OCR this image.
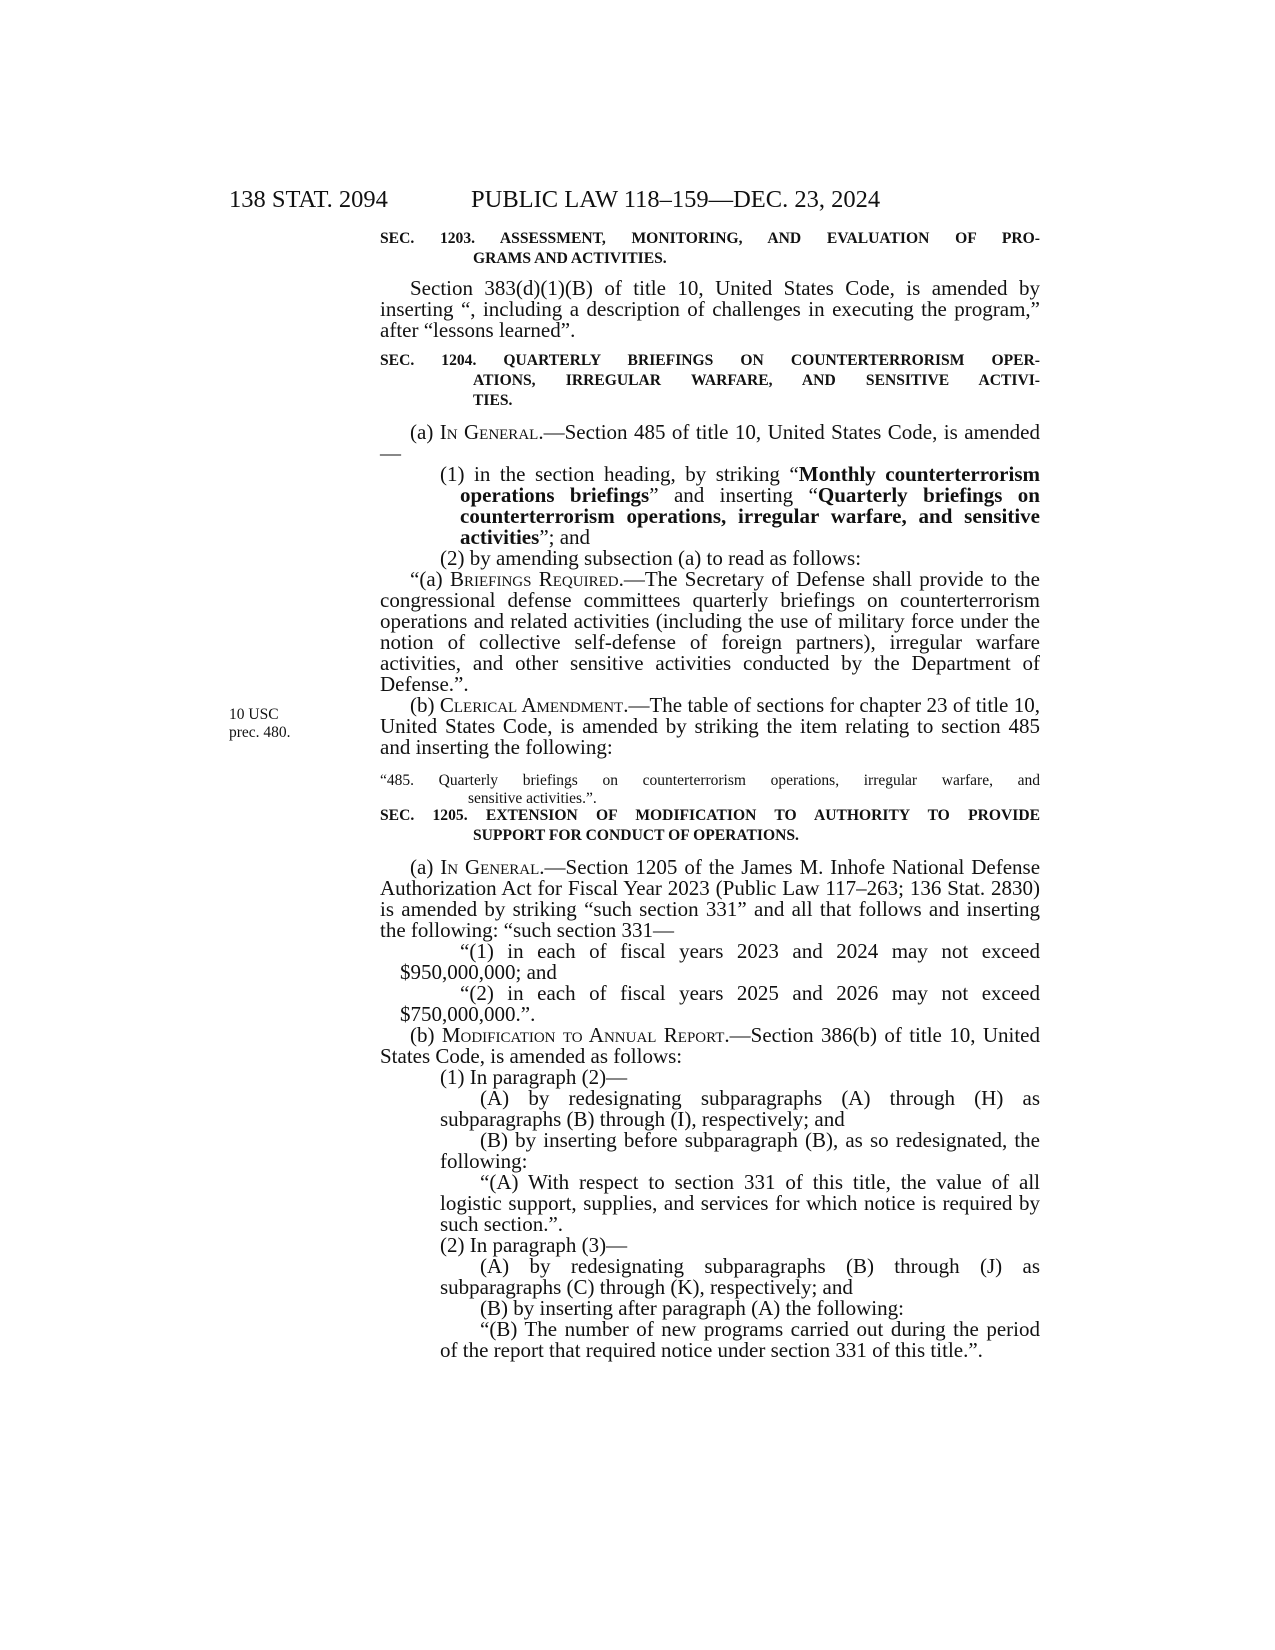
138 STAT. 2094	PUBLIC LAW 118–159—DEC. 23, 2024
10 USC
prec. 480.
SEC. 1203. ASSESSMENT, MONITORING, AND EVALUATION OF PRO-
GRAMS AND ACTIVITIES.
Section 383(d)(1)(B) of title 10, United States Code, is amended by inserting “, including a description of challenges in executing the program,” after “lessons learned”.
SEC. 1204. QUARTERLY BRIEFINGS ON COUNTERTERRORISM OPER-
ATIONS, IRREGULAR WARFARE, AND SENSITIVE ACTIVI-
TIES.
(a) In General.—Section 485 of title 10, United States Code, is amended—
(1) in the section heading, by striking “Monthly counterterrorism operations briefings” and inserting “Quarterly briefings on counterterrorism operations, irregular warfare, and sensitive activities”; and
(2) by amending subsection (a) to read as follows:
“(a) Briefings Required.—The Secretary of Defense shall provide to the congressional defense committees quarterly briefings on counterterrorism operations and related activities (including the use of military force under the notion of collective self-defense of foreign partners), irregular warfare activities, and other sensitive activities conducted by the Department of Defense.”.
(b) Clerical Amendment.—The table of sections for chapter 23 of title 10, United States Code, is amended by striking the item relating to section 485 and inserting the following:
“485. Quarterly briefings on counterterrorism operations, irregular warfare, and
sensitive activities.”.
SEC. 1205. EXTENSION OF MODIFICATION TO AUTHORITY TO PROVIDE
SUPPORT FOR CONDUCT OF OPERATIONS.
(a) In General.—Section 1205 of the James M. Inhofe National Defense Authorization Act for Fiscal Year 2023 (Public Law 117–263; 136 Stat. 2830) is amended by striking “such section 331” and all that follows and inserting the following: “such section 331—
“(1) in each of fiscal years 2023 and 2024 may not exceed $950,000,000; and
“(2) in each of fiscal years 2025 and 2026 may not exceed $750,000,000.”.
(b) Modification to Annual Report.—Section 386(b) of title 10, United States Code, is amended as follows:
(1) In paragraph (2)—
(A) by redesignating subparagraphs (A) through (H) as subparagraphs (B) through (I), respectively; and
(B) by inserting before subparagraph (B), as so redesignated, the following:
“(A) With respect to section 331 of this title, the value of all logistic support, supplies, and services for which notice is required by such section.”.
(2) In paragraph (3)—
(A) by redesignating subparagraphs (B) through (J) as subparagraphs (C) through (K), respectively; and
(B) by inserting after paragraph (A) the following:
“(B) The number of new programs carried out during the period of the report that required notice under section 331 of this title.”.
